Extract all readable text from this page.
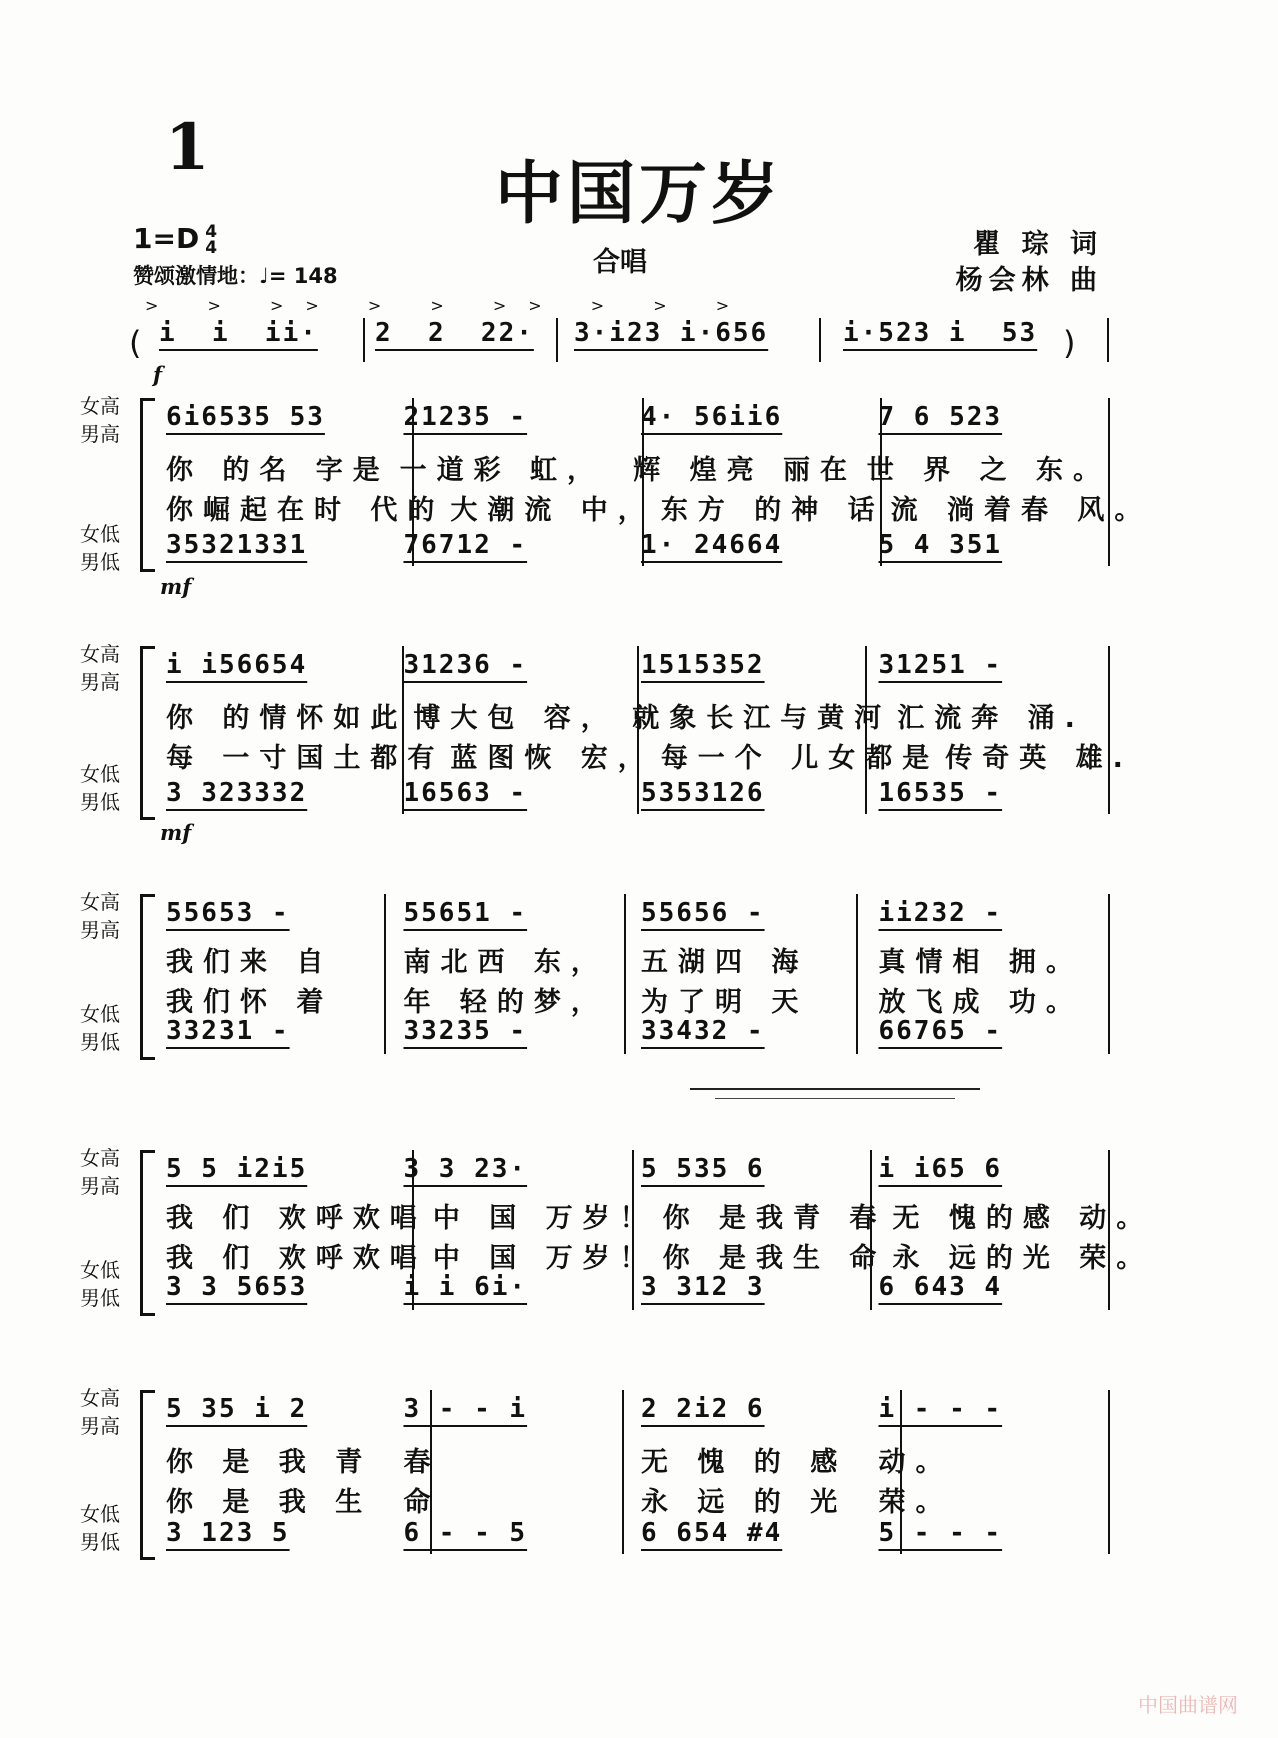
1
中国万岁
合唱
1=D 4
4
赞颂激情地：♩= 148
瞿 琮 词
杨会林 曲
(
> > >> > > >> > > >
i  i  ii·	2  2  22·	3·i23 i·656	i·523 i  53 )
f
女高
男高
女低
男低
6i6535 53	21235 -	4· 56ii6	7 6 523
你 的名 字是 一道彩 虹，	辉 煌亮 丽在 世 界 之 东。
你崛起在时 代的 大潮流 中， 东方 的神 话 流 淌着春 风。
35321331	76712 -	1· 24664	5 4 351
mf
女高
男高
女低
男低
i i56654	31236 -	1515352	31251 -
你 的情怀如此 博大包 容， 就象长江与黄河 汇流奔 涌.
每 一寸国土都有 蓝图恢 宏， 每一个 儿女都是 传奇英 雄.
3 323332	16563 -	5353126	16535 -
mf
女高
男高
女低
男低
55653 -	55651 -	55656 -	ii232 -
我们来 自	南北西 东，	五湖四 海	真情相 拥。
我们怀 着	年 轻的梦，	为了明 天	放飞成 功。
33231 -	33235 -	33432 -	66765 -
女高
男高
女低
男低
5 5 i2i5	3 3 23·	5 535 6	i i65 6
我 们 欢呼欢唱 中 国 万岁！ 你 是我青 春 无 愧的感 动。
我 们 欢呼欢唱 中 国 万岁！ 你 是我生 命 永 远的光 荣。
3 3 5653	i i 6i·	3 312 3	6 643 4
女高
男高
女低
男低
5 35 i 2	3 - - i	2 2i2 6	i - - -
你 是 我 青	春	无 愧 的 感	动。
你 是 我 生	命	永 远 的 光	荣。
3 123 5	6 - - 5	6 654 #4	5 - - -
中国曲谱网
